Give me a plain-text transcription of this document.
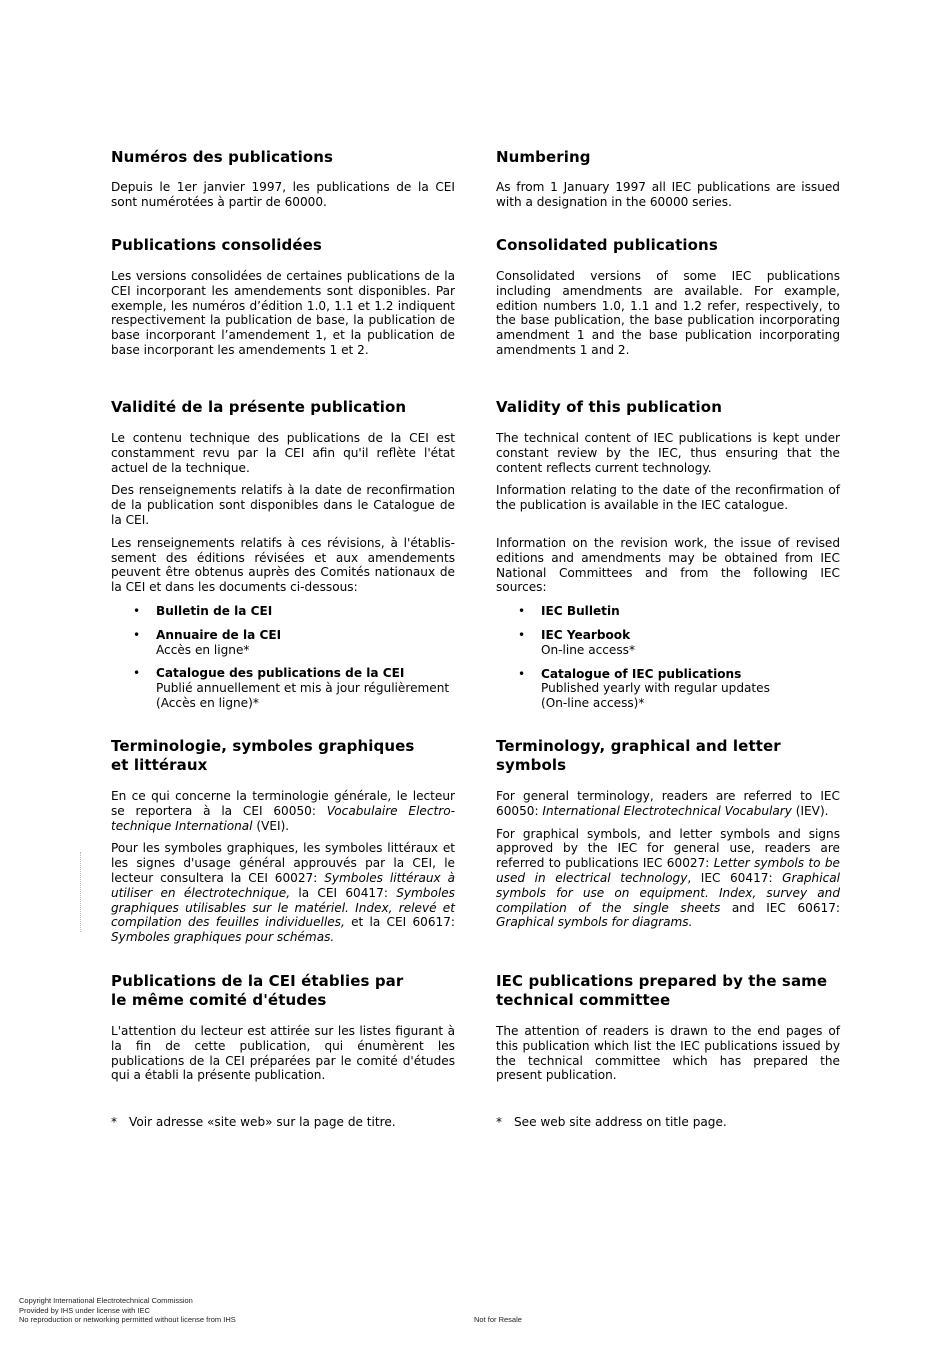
Numéros des publications

Depuis le 1er janvier 1997, les publications de la CEI sont numérotées à partir de 60000.

Publications consolidées

Les versions consolidées de certaines publications de la CEI incorporant les amendements sont disponibles. Par exemple, les numéros d’édition 1.0, 1.1 et 1.2 indiquent respectivement la publication de base, la publication de base incorporant l’amendement 1, et la publication de base incorporant les amendements 1 et 2.

Validité de la présente publication

Le contenu technique des publications de la CEI est constamment revu par la CEI afin qu'il reflète l'état actuel de la technique.

Des renseignements relatifs à la date de reconfirmation de la publication sont disponibles dans le Catalogue de la CEI.

Les renseignements relatifs à ces révisions, à l'établis-sement des éditions révisées et aux amendements peuvent être obtenus auprès des Comités nationaux de la CEI et dans les documents ci-dessous:

• Bulletin de la CEI
• Annuaire de la CEI
Accès en ligne*
• Catalogue des publications de la CEI
Publié annuellement et mis à jour régulièrement
(Accès en ligne)*
Terminologie, symboles graphiques
et littéraux

En ce qui concerne la terminologie générale, le lecteur se reportera à la CEI 60050: Vocabulaire Electro-technique International (VEI).

Pour les symboles graphiques, les symboles littéraux et les signes d'usage général approuvés par la CEI, le lecteur consultera la CEI 60027: Symboles littéraux à utiliser en électrotechnique, la CEI 60417: Symboles graphiques utilisables sur le matériel. Index, relevé et compilation des feuilles individuelles, et la CEI 60617: Symboles graphiques pour schémas.

Publications de la CEI établies par
le même comité d'études

L'attention du lecteur est attirée sur les listes figurant à la fin de cette publication, qui énumèrent les publications de la CEI préparées par le comité d'études qui a établi la présente publication.

* Voir adresse «site web» sur la page de titre.
Numbering

As from 1 January 1997 all IEC publications are issued with a designation in the 60000 series.

Consolidated publications

Consolidated versions of some IEC publications including amendments are available. For example, edition numbers 1.0, 1.1 and 1.2 refer, respectively, to the base publication, the base publication incorporating amendment 1 and the base publication incorporating amendments 1 and 2.

Validity of this publication

The technical content of IEC publications is kept under constant review by the IEC, thus ensuring that the content reflects current technology.

Information relating to the date of the reconfirmation of the publication is available in the IEC catalogue.

Information on the revision work, the issue of revised editions and amendments may be obtained from IEC National Committees and from the following IEC sources:

• IEC Bulletin
• IEC Yearbook
On-line access*
• Catalogue of IEC publications
Published yearly with regular updates
(On-line access)*
Terminology, graphical and letter
symbols

For general terminology, readers are referred to IEC 60050: International Electrotechnical Vocabulary (IEV).

For graphical symbols, and letter symbols and signs approved by the IEC for general use, readers are referred to publications IEC 60027: Letter symbols to be used in electrical technology, IEC 60417: Graphical symbols for use on equipment. Index, survey and compilation of the single sheets and IEC 60617: Graphical symbols for diagrams.

IEC publications prepared by the same
technical committee

The attention of readers is drawn to the end pages of this publication which list the IEC publications issued by the technical committee which has prepared the present publication.

* See web site address on title page.
Copyright International Electrotechnical Commission
Provided by IHS under license with IEC
No reproduction or networking permitted without license from IHS	Not for Resale
